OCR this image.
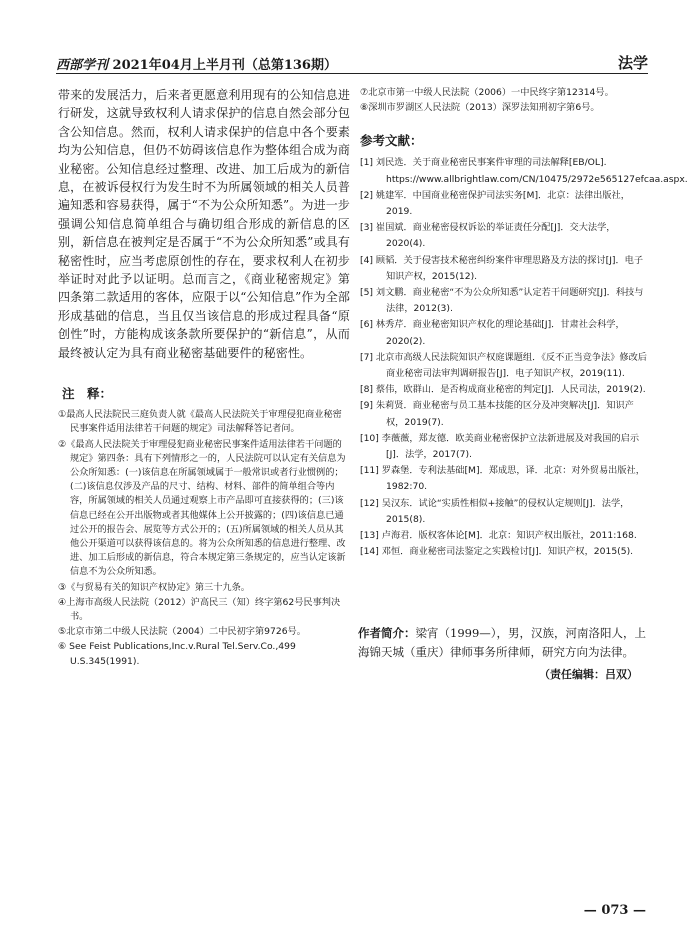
西部学刊 2021年04月上半月刊（总第136期）	法学

带来的发展活力，后来者更愿意利用现有的公知信息进行研发，这就导致权利人请求保护的信息自然会部分包含公知信息。然而，权利人请求保护的信息中各个要素均为公知信息，但仍不妨碍该信息作为整体组合成为商业秘密。公知信息经过整理、改进、加工后成为的新信息，在被诉侵权行为发生时不为所属领域的相关人员普遍知悉和容易获得，属于“不为公众所知悉”。为进一步强调公知信息简单组合与确切组合形成的新信息的区别，新信息在被判定是否属于“不为公众所知悉”或具有秘密性时，应当考虑原创性的存在，要求权利人在初步举证时对此予以证明。总而言之，《商业秘密规定》第四条第二款适用的客体，应限于以“公知信息”作为全部形成基础的信息，当且仅当该信息的形成过程具备“原创性”时，方能构成该条款所要保护的“新信息”，从而最终被认定为具有商业秘密基础要件的秘密性。

注　释：

①最高人民法院民三庭负责人就《最高人民法院关于审理侵犯商业秘密民事案件适用法律若干问题的规定》司法解释答记者问。

②《最高人民法院关于审理侵犯商业秘密民事案件适用法律若干问题的规定》第四条：具有下列情形之一的，人民法院可以认定有关信息为公众所知悉：(一)该信息在所属领域属于一般常识或者行业惯例的；(二)该信息仅涉及产品的尺寸、结构、材料、部件的简单组合等内容，所属领域的相关人员通过观察上市产品即可直接获得的；(三)该信息已经在公开出版物或者其他媒体上公开披露的；(四)该信息已通过公开的报告会、展览等方式公开的；(五)所属领域的相关人员从其他公开渠道可以获得该信息的。将为公众所知悉的信息进行整理、改进、加工后形成的新信息，符合本规定第三条规定的，应当认定该新信息不为公众所知悉。

③《与贸易有关的知识产权协定》第三十九条。

④上海市高级人民法院（2012）沪高民三（知）终字第62号民事判决书。

⑤北京市第二中级人民法院（2004）二中民初字第9726号。

⑥ See Feist Publications,Inc.v.Rural Tel.Serv.Co.,499 U.S.345(1991).

⑦北京市第一中级人民法院（2006）一中民终字第12314号。

⑧深圳市罗湖区人民法院（2013）深罗法知刑初字第6号。

参考文献：

[1] 刘民选．关于商业秘密民事案件审理的司法解释[EB/OL]. https://www.allbrightlaw.com/CN/10475/2972e565127efcaa.aspx.

[2] 姚建军．中国商业秘密保护司法实务[M]．北京：法律出版社，2019.

[3] 崔国斌．商业秘密侵权诉讼的举证责任分配[J]．交大法学，2020(4).

[4] 顾韬．关于侵害技术秘密纠纷案件审理思路及方法的探讨[J]．电子知识产权，2015(12).

[5] 刘文鹏．商业秘密“不为公众所知悉”认定若干问题研究[J]．科技与法律，2012(3).

[6] 林秀芹．商业秘密知识产权化的理论基础[J]．甘肃社会科学，2020(2).

[7] 北京市高级人民法院知识产权庭课题组．《反不正当竞争法》修改后商业秘密司法审判调研报告[J]．电子知识产权，2019(11).

[8] 蔡伟，欧群山．是否构成商业秘密的判定[J]．人民司法，2019(2).

[9] 朱莉贤．商业秘密与员工基本技能的区分及冲突解决[J]．知识产权，2019(7).

[10] 李薇薇，郑友德．欧美商业秘密保护立法新进展及对我国的启示[J]．法学，2017(7).

[11] 罗森堡．专利法基础[M]．郑成思，译．北京：对外贸易出版社，1982:70.

[12] 吴汉东．试论“实质性相似+接触”的侵权认定规则[J]．法学，2015(8).

[13] 卢海君．版权客体论[M]．北京：知识产权出版社，2011:168.

[14] 邓恒．商业秘密司法鉴定之实践检讨[J]．知识产权，2015(5).

作者简介：梁宵（1999—），男，汉族，河南洛阳人，上海锦天城（重庆）律师事务所律师，研究方向为法律。
（责任编辑：吕双）
— 073 —
